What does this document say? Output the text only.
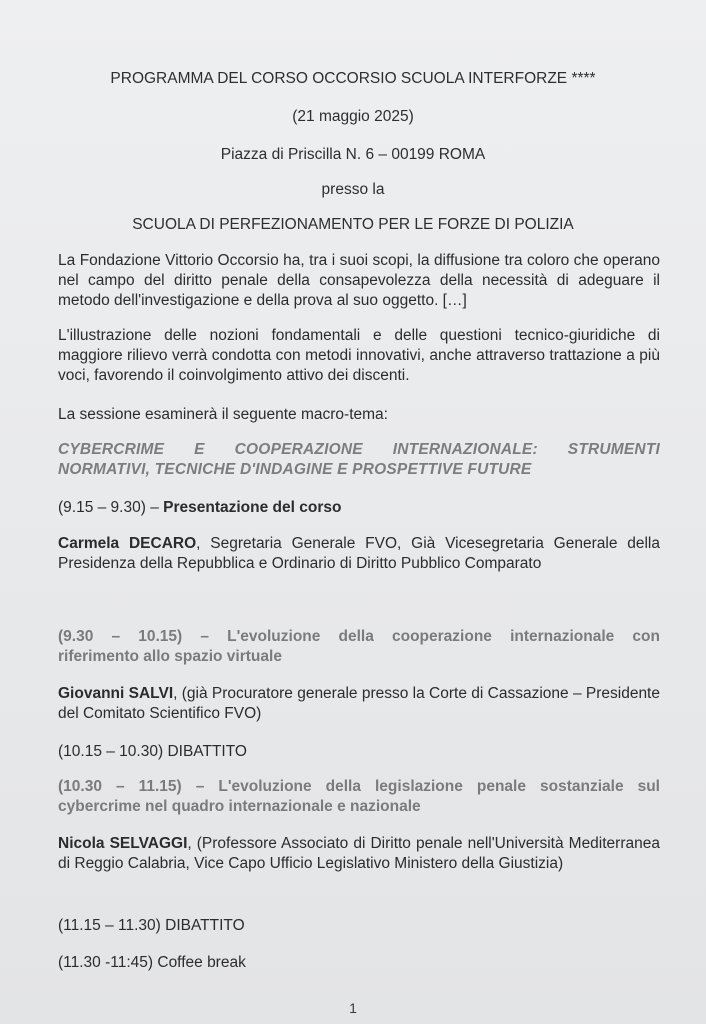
PROGRAMMA DEL CORSO OCCORSIO SCUOLA INTERFORZE ****
(21 maggio 2025)
Piazza di Priscilla N. 6 – 00199 ROMA
presso la
SCUOLA DI PERFEZIONAMENTO PER LE FORZE DI POLIZIA
La Fondazione Vittorio Occorsio ha, tra i suoi scopi, la diffusione tra coloro che operano nel campo del diritto penale della consapevolezza della necessità di adeguare il metodo dell'investigazione e della prova al suo oggetto. […]
L'illustrazione delle nozioni fondamentali e delle questioni tecnico-giuridiche di maggiore rilievo verrà condotta con metodi innovativi, anche attraverso trattazione a più voci, favorendo il coinvolgimento attivo dei discenti.
La sessione esaminerà il seguente macro-tema:
CYBERCRIME E COOPERAZIONE INTERNAZIONALE: STRUMENTI
NORMATIVI, TECNICHE D'INDAGINE E PROSPETTIVE FUTURE
(9.15 – 9.30) – Presentazione del corso
Carmela DECARO, Segretaria Generale FVO, Già Vicesegretaria Generale della Presidenza della Repubblica e Ordinario di Diritto Pubblico Comparato
(9.30 – 10.15) – L'evoluzione della cooperazione internazionale con
riferimento allo spazio virtuale
Giovanni SALVI, (già Procuratore generale presso la Corte di Cassazione – Presidente del Comitato Scientifico FVO)
(10.15 – 10.30) DIBATTITO
(10.30 – 11.15) – L'evoluzione della legislazione penale sostanziale sul
cybercrime nel quadro internazionale e nazionale
Nicola SELVAGGI, (Professore Associato di Diritto penale nell'Università Mediterranea di Reggio Calabria, Vice Capo Ufficio Legislativo Ministero della Giustizia)
(11.15 – 11.30) DIBATTITO
(11.30 -11:45) Coffee break
1
